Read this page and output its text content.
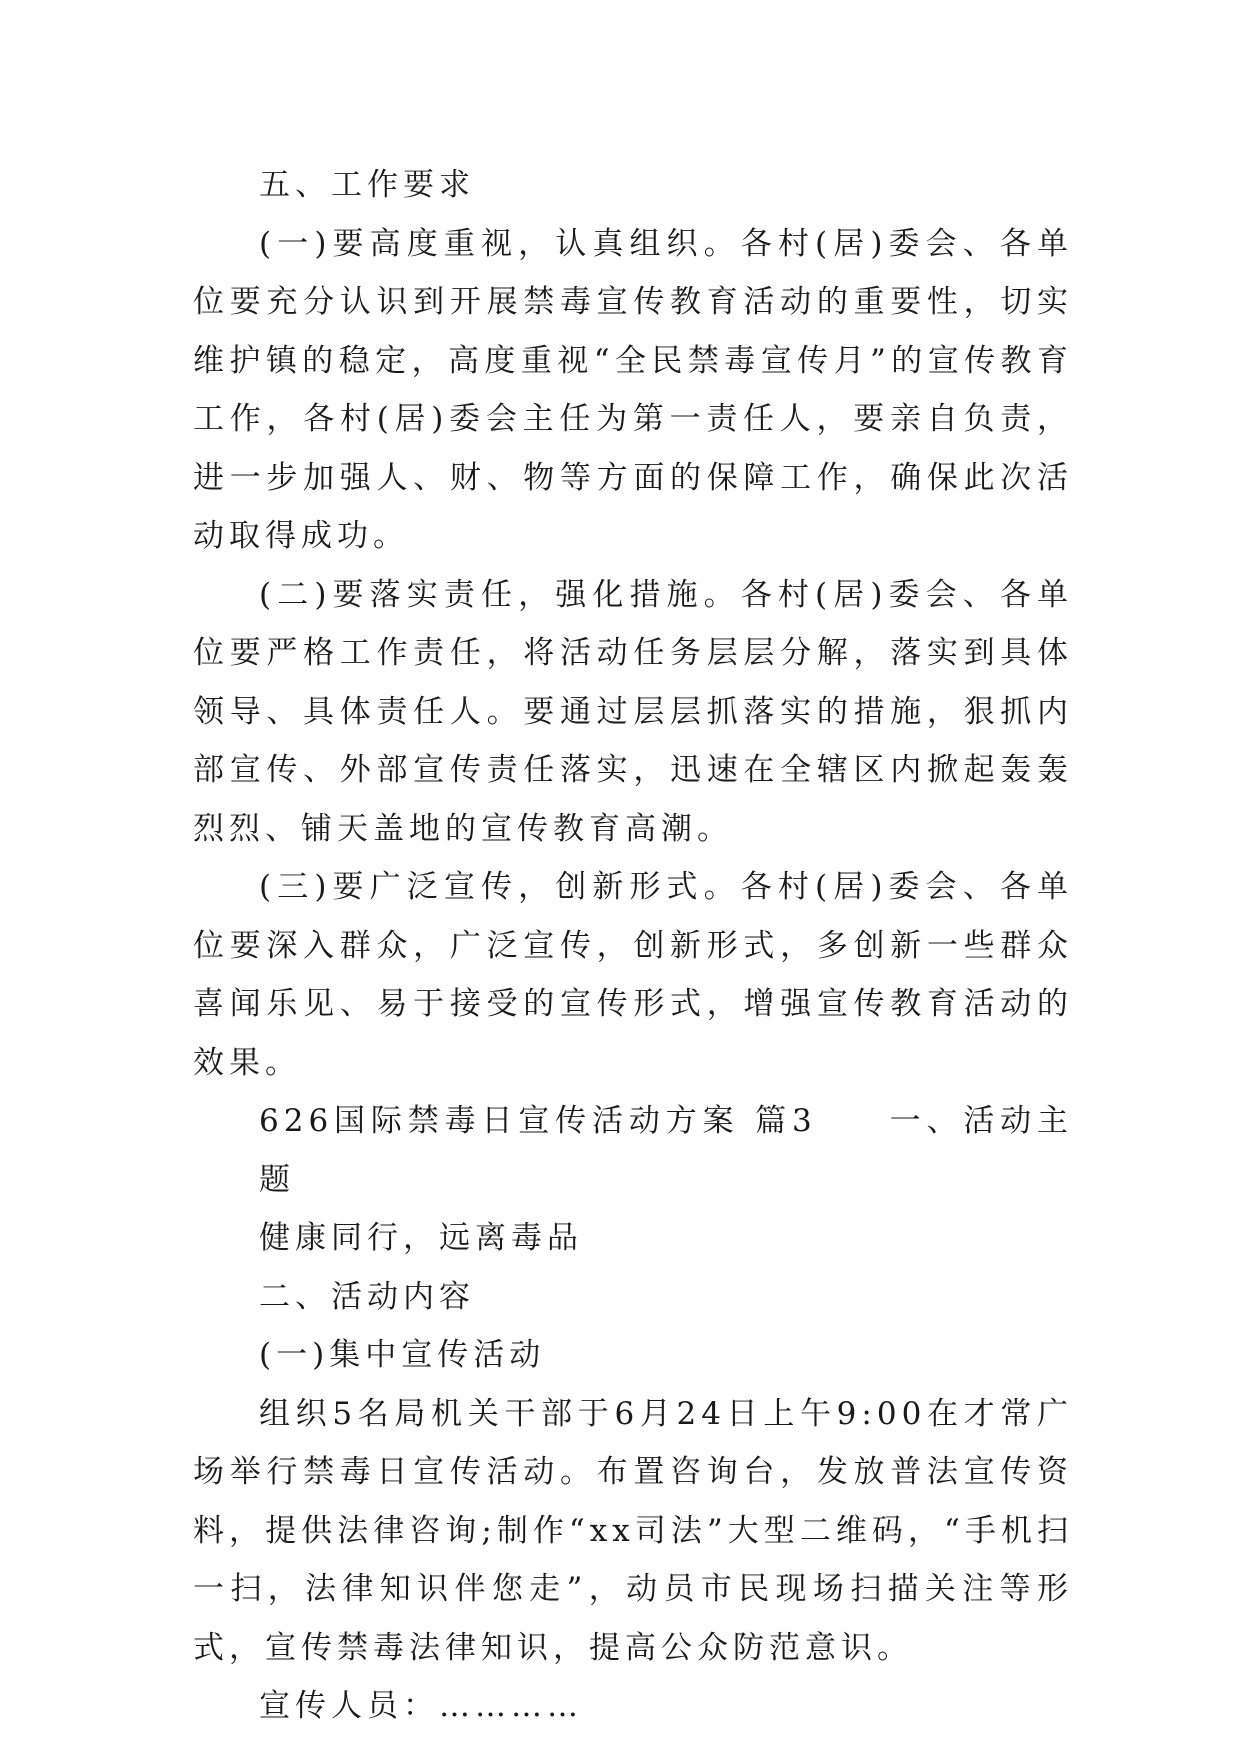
五、工作要求

(一)要高度重视，认真组织。各村(居)委会、各单位要充分认识到开展禁毒宣传教育活动的重要性，切实维护镇的稳定，高度重视“全民禁毒宣传月”的宣传教育工作，各村(居)委会主任为第一责任人，要亲自负责，进一步加强人、财、物等方面的保障工作，确保此次活动取得成功。

(二)要落实责任，强化措施。各村(居)委会、各单位要严格工作责任，将活动任务层层分解，落实到具体领导、具体责任人。要通过层层抓落实的措施，狠抓内部宣传、外部宣传责任落实，迅速在全辖区内掀起轰轰烈烈、铺天盖地的宣传教育高潮。

(三)要广泛宣传，创新形式。各村(居)委会、各单位要深入群众，广泛宣传，创新形式，多创新一些群众喜闻乐见、易于接受的宣传形式，增强宣传教育活动的效果。

626国际禁毒日宣传活动方案 篇3 一、活动主题

健康同行，远离毒品

二、活动内容

(一)集中宣传活动

组织5名局机关干部于6月24日上午9:00在才常广场举行禁毒日宣传活动。布置咨询台，发放普法宣传资料，提供法律咨询;制作“xx司法”大型二维码，“手机扫一扫，法律知识伴您走”，动员市民现场扫描关注等形式，宣传禁毒法律知识，提高公众防范意识。

宣传人员：…………
